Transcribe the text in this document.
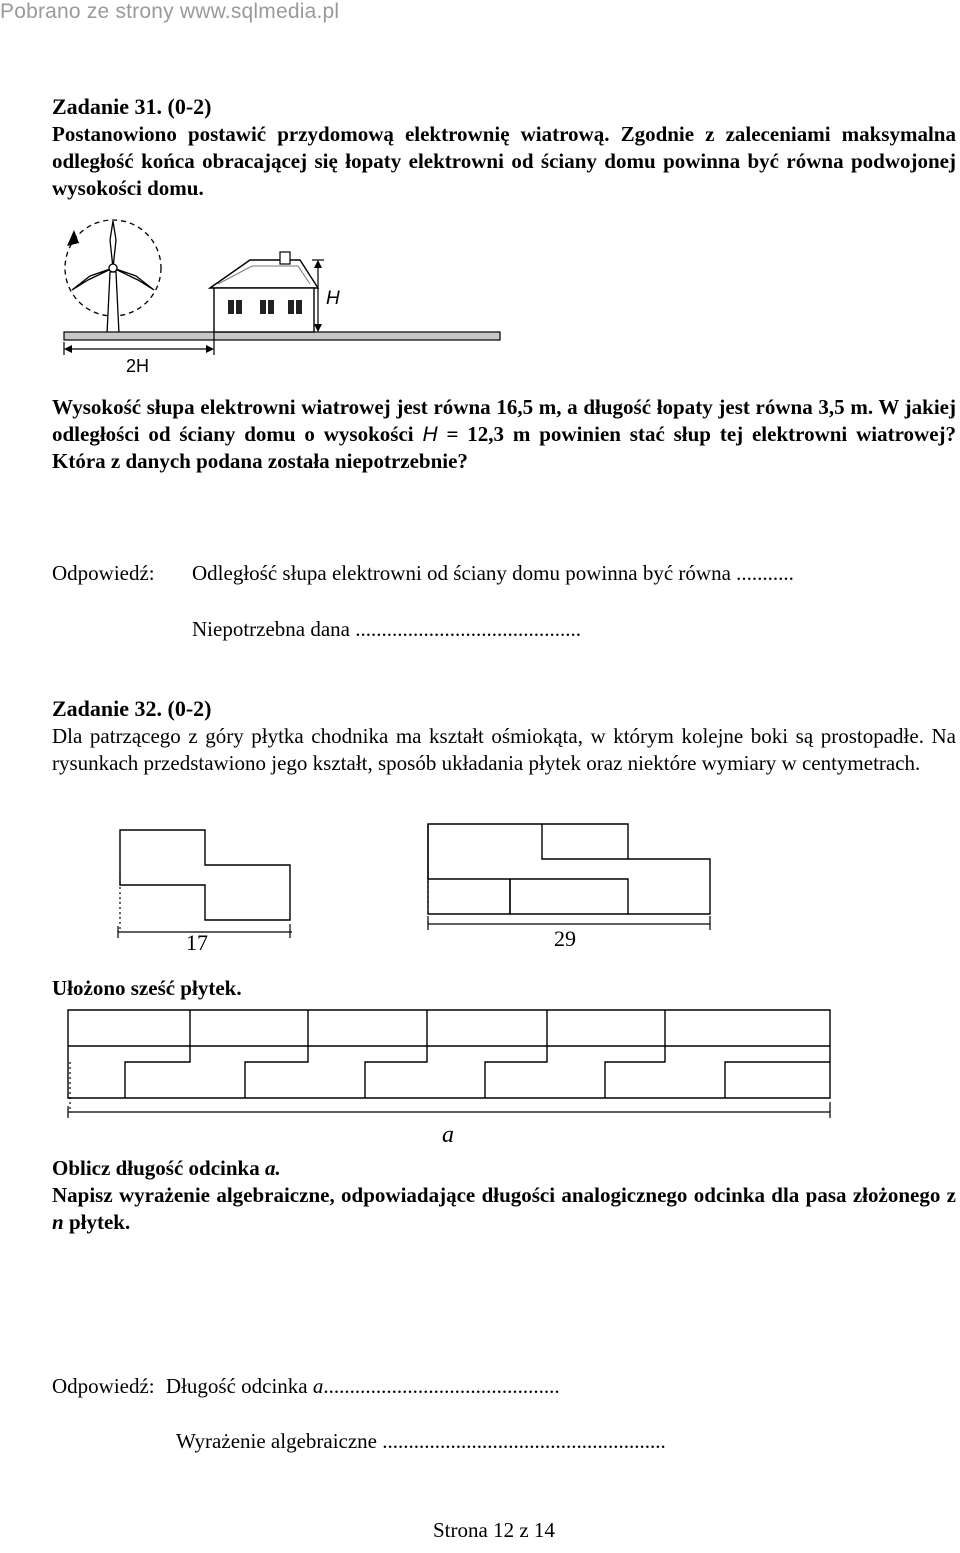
Pobrano ze strony www.sqlmedia.pl
Zadanie 31. (0-2)
Postanowiono postawić przydomową elektrownię wiatrową. Zgodnie z zaleceniami maksymalna odległość końca obracającej się łopaty elektrowni od ściany domu powinna być równa podwojonej wysokości domu.
H
2H
Wysokość słupa elektrowni wiatrowej jest równa 16,5 m, a długość łopaty jest równa 3,5 m. W jakiej odległości od ściany domu o wysokości H = 12,3 m powinien stać słup tej elektrowni wiatrowej? Która z danych podana została niepotrzebnie?
Odpowiedź: Odległość słupa elektrowni od ściany domu powinna być równa ...........
Niepotrzebna dana ...........................................
Zadanie 32. (0-2)
Dla patrzącego z góry płytka chodnika ma kształt ośmiokąta, w którym kolejne boki są prostopadłe. Na rysunkach przedstawiono jego kształt, sposób układania płytek oraz niektóre wymiary w centymetrach.
17	29
Ułożono sześć płytek.
a
Oblicz długość odcinka a.
Napisz wyrażenie algebraiczne, odpowiadające długości analogicznego odcinka dla pasa złożonego z n płytek.
Odpowiedź: Długość odcinka a.............................................
Wyrażenie algebraiczne ......................................................
Strona 12 z 14
